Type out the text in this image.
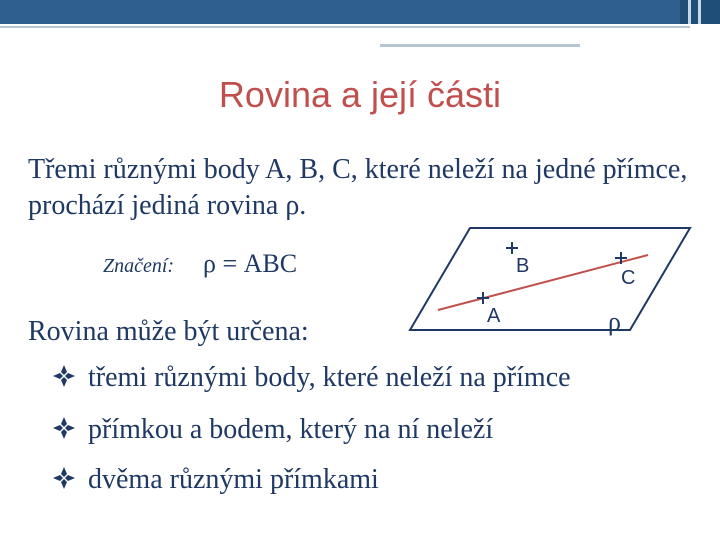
Rovina a její části
Třemi různými body A, B, C, které neleží na jedné přímce, prochází jediná rovina ρ.
Značení: ρ = ABC	B
A
C
ρ
Rovina může být určena:
třemi různými body, které neleží na přímce
přímkou a bodem, který na ní neleží
dvěma různými přímkami
